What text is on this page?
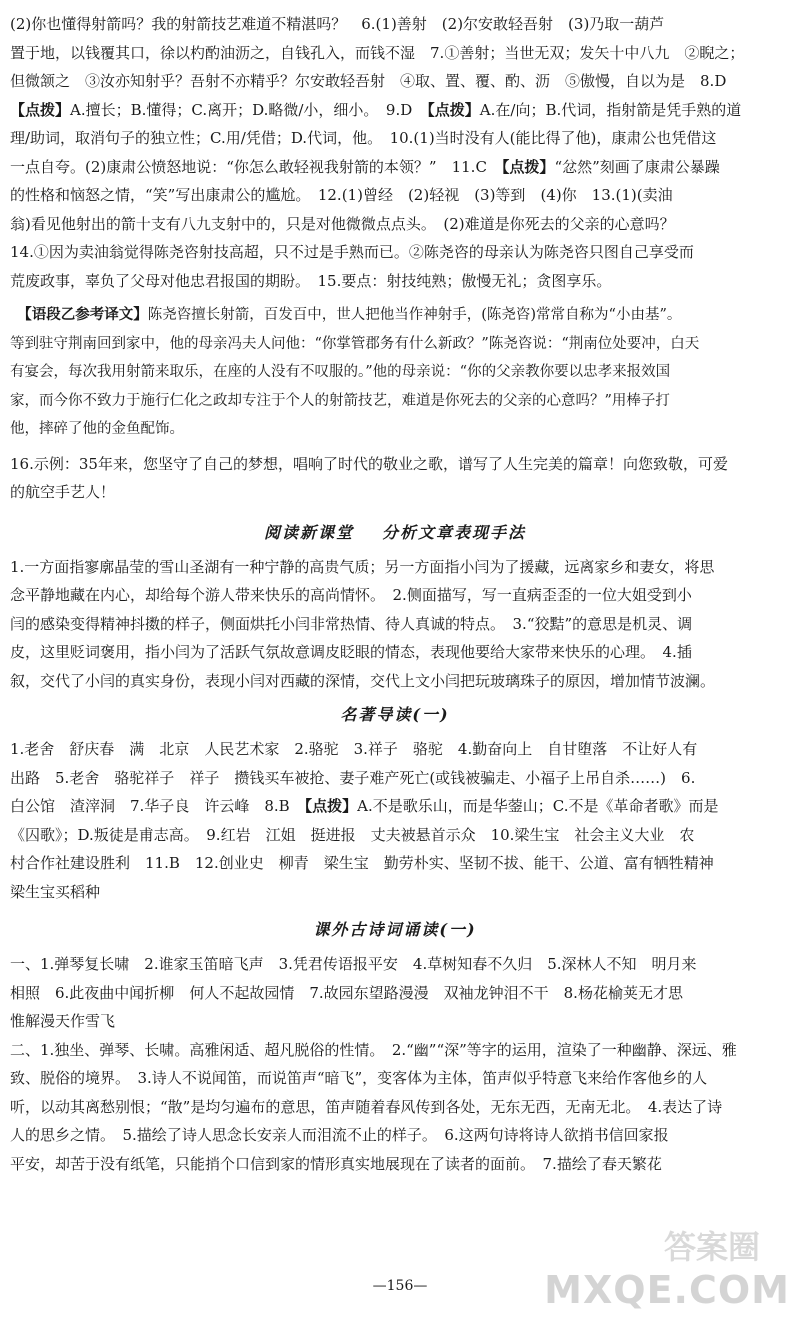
(2)你也懂得射箭吗？我的射箭技艺难道不精湛吗？　6.(1)善射　(2)尔安敢轻吾射　(3)乃取一葫芦

置于地，以钱覆其口，徐以杓酌油沥之，自钱孔入，而钱不湿　7.①善射；当世无双；发矢十中八九　②睨之；

但微颔之　③汝亦知射乎？吾射不亦精乎？尔安敢轻吾射　④取、置、覆、酌、沥　⑤傲慢，自以为是　8.D

【点拨】A.擅长；B.懂得；C.离开；D.略微/小，细小。　9.D　【点拨】A.在/向；B.代词，指射箭是凭手熟的道

理/助词，取消句子的独立性；C.用/凭借；D.代词，他。　10.(1)当时没有人(能比得了他)，康肃公也凭借这

一点自夸。(2)康肃公愤怒地说：“你怎么敢轻视我射箭的本领？”　11.C　【点拨】“忿然”刻画了康肃公暴躁

的性格和恼怒之情，“笑”写出康肃公的尴尬。　12.(1)曾经　(2)轻视　(3)等到　(4)你　13.(1)(卖油

翁)看见他射出的箭十支有八九支射中的，只是对他微微点点头。　(2)难道是你死去的父亲的心意吗？

14.①因为卖油翁觉得陈尧咨射技高超，只不过是手熟而已。②陈尧咨的母亲认为陈尧咨只图自己享受而

荒废政事，辜负了父母对他忠君报国的期盼。　15.要点：射技纯熟；傲慢无礼；贪图享乐。

　【语段乙参考译文】陈尧咨擅长射箭，百发百中，世人把他当作神射手，(陈尧咨)常常自称为“小由基”。

等到驻守荆南回到家中，他的母亲冯夫人问他：“你掌管郡务有什么新政？”陈尧咨说：“荆南位处要冲，白天

有宴会，每次我用射箭来取乐，在座的人没有不叹服的。”他的母亲说：“你的父亲教你要以忠孝来报效国

家，而今你不致力于施行仁化之政却专注于个人的射箭技艺，难道是你死去的父亲的心意吗？”用棒子打

他，摔碎了他的金鱼配饰。

16.示例：35年来，您坚守了自己的梦想，唱响了时代的敬业之歌，谱写了人生完美的篇章！向您致敬，可爱

的航空手艺人！

阅读新课堂 分析文章表现手法

1.一方面指寥廓晶莹的雪山圣湖有一种宁静的高贵气质；另一方面指小闫为了援藏，远离家乡和妻女，将思

念平静地藏在内心，却给每个游人带来快乐的高尚情怀。　2.侧面描写，写一直病歪歪的一位大姐受到小

闫的感染变得精神抖擞的样子，侧面烘托小闫非常热情、待人真诚的特点。　3.“狡黠”的意思是机灵、调

皮，这里贬词褒用，指小闫为了活跃气氛故意调皮眨眼的情态，表现他要给大家带来快乐的心理。　4.插

叙，交代了小闫的真实身份，表现小闫对西藏的深情，交代上文小闫把玩玻璃珠子的原因，增加情节波澜。

名著导读(一)

1.老舍　舒庆春　满　北京　人民艺术家　2.骆驼　3.祥子　骆驼　4.勤奋向上　自甘堕落　不让好人有

出路　5.老舍　骆驼祥子　祥子　攒钱买车被抢、妻子难产死亡(或钱被骗走、小福子上吊自杀……)　6.

白公馆　渣滓洞　7.华子良　许云峰　8.B　【点拨】A.不是歌乐山，而是华蓥山；C.不是《革命者歌》而是

《囚歌》；D.叛徒是甫志高。　9.红岩　江姐　挺进报　丈夫被悬首示众　10.梁生宝　社会主义大业　农

村合作社建设胜利　11.B　12.创业史　柳青　梁生宝　勤劳朴实、坚韧不拔、能干、公道、富有牺牲精神

梁生宝买稻种

课外古诗词诵读(一)

一、1.弹琴复长啸　2.谁家玉笛暗飞声　3.凭君传语报平安　4.草树知春不久归　5.深林人不知　明月来

相照　6.此夜曲中闻折柳　何人不起故园情　7.故园东望路漫漫　双袖龙钟泪不干　8.杨花榆荚无才思

惟解漫天作雪飞

二、1.独坐、弹琴、长啸。高雅闲适、超凡脱俗的性情。　2.“幽”“深”等字的运用，渲染了一种幽静、深远、雅

致、脱俗的境界。　3.诗人不说闻笛，而说笛声“暗飞”，变客体为主体，笛声似乎特意飞来给作客他乡的人

听，以动其离愁别恨；“散”是均匀遍布的意思，笛声随着春风传到各处，无东无西，无南无北。　4.表达了诗

人的思乡之情。　5.描绘了诗人思念长安亲人而泪流不止的样子。　6.这两句诗将诗人欲捎书信回家报

平安，却苦于没有纸笔，只能捎个口信到家的情形真实地展现在了读者的面前。　7.描绘了春天繁花

—156—
答案圈
MXQE.COM
